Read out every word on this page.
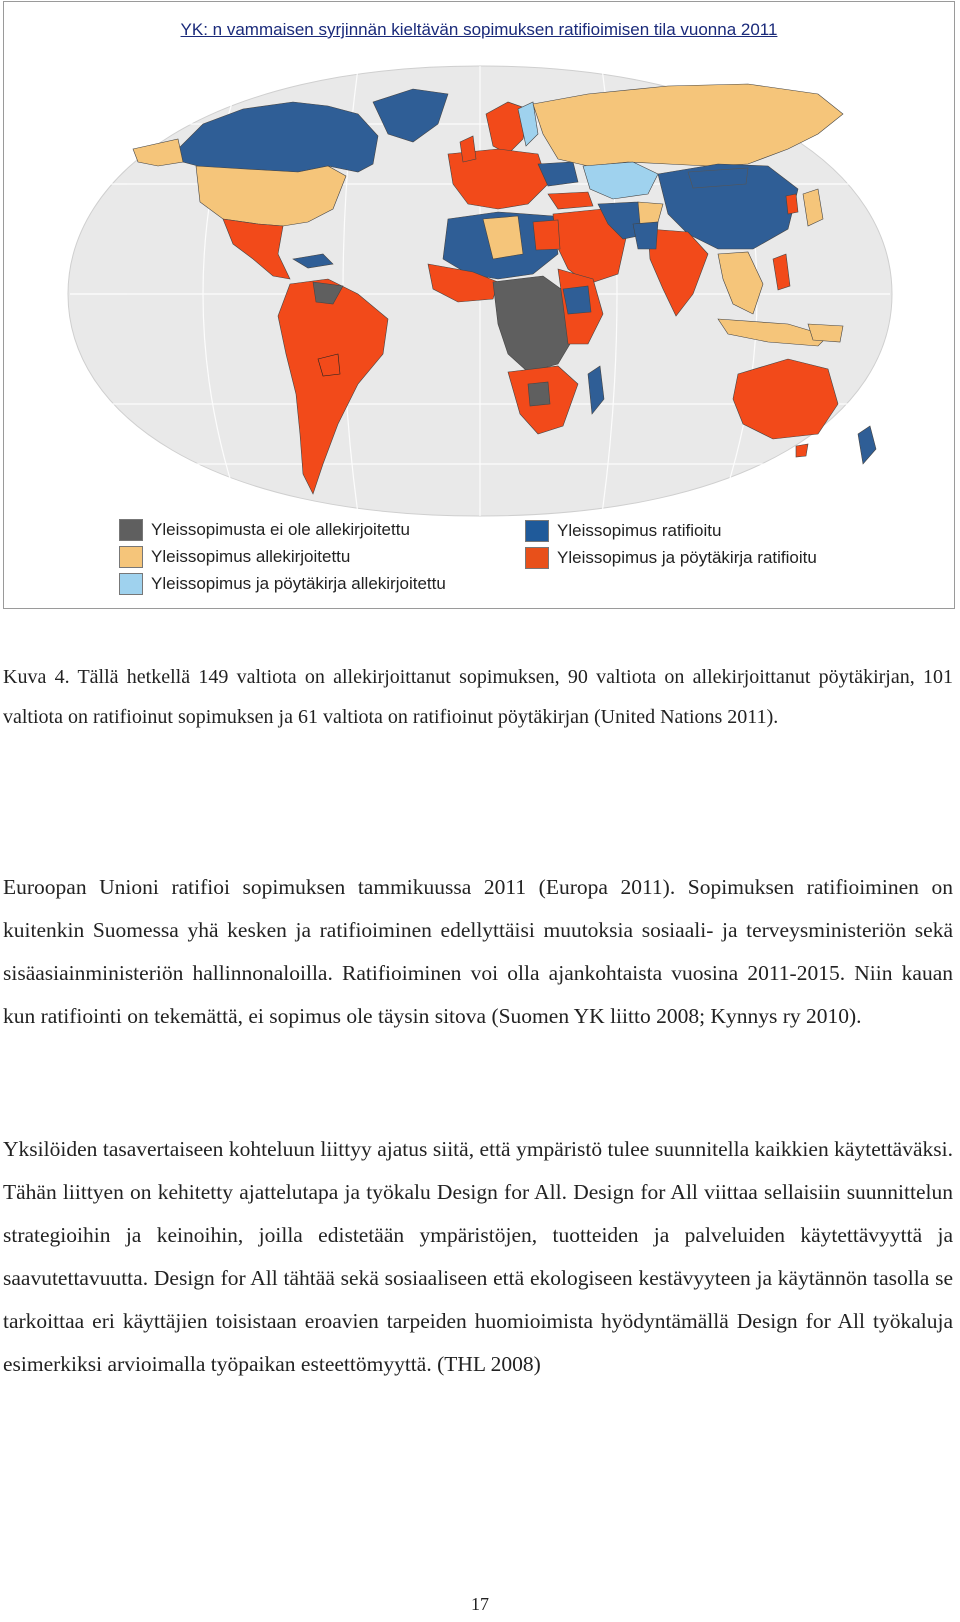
YK: n vammaisen syrjinnän kieltävän sopimuksen ratifioimisen tila vuonna 2011
Yleissopimusta ei ole allekirjoitettu
Yleissopimus allekirjoitettu
Yleissopimus ja pöytäkirja allekirjoitettu
Yleissopimus ratifioitu
Yleissopimus ja pöytäkirja ratifioitu

Kuva 4. Tällä hetkellä 149 valtiota on allekirjoittanut sopimuksen, 90 valtiota on allekirjoittanut pöytäkirjan, 101 valtiota on ratifioinut sopimuksen ja 61 valtiota on ratifioinut pöytäkirjan (United Nations 2011).

Euroopan Unioni ratifioi sopimuksen tammikuussa 2011 (Europa 2011). Sopimuksen ratifioiminen on kuitenkin Suomessa yhä kesken ja ratifioiminen edellyttäisi muutoksia sosiaali- ja terveysministeriön sekä sisäasiainministeriön hallinnonaloilla. Ratifioiminen voi olla ajankohtaista vuosina 2011-2015. Niin kauan kun ratifiointi on tekemättä, ei sopimus ole täysin sitova (Suomen YK liitto 2008; Kynnys ry 2010).

Yksilöiden tasavertaiseen kohteluun liittyy ajatus siitä, että ympäristö tulee suunnitella kaikkien käytettäväksi. Tähän liittyen on kehitetty ajattelutapa ja työkalu Design for All. Design for All viittaa sellaisiin suunnittelun strategioihin ja keinoihin, joilla edistetään ympäristöjen, tuotteiden ja palveluiden käytettävyyttä ja saavutettavuutta. Design for All tähtää sekä sosiaaliseen että ekologiseen kestävyyteen ja käytännön tasolla se tarkoittaa eri käyttäjien toisistaan eroavien tarpeiden huomioimista hyödyntämällä Design for All työkaluja esimerkiksi arvioimalla työpaikan esteettömyyttä. (THL 2008)

17
